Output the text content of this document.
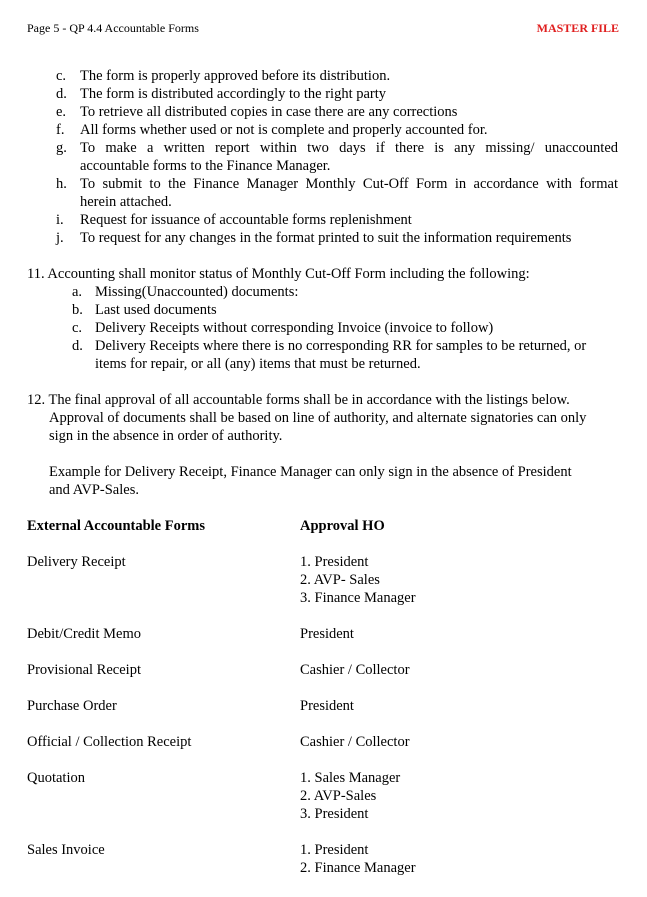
Page 5 - QP 4.4 Accountable Forms	MASTER FILE
c. The form is properly approved before its distribution.
d. The form is distributed accordingly to the right party
e. To retrieve all distributed copies in case there are any corrections
f. All forms whether used or not is complete and properly accounted for.
g. To make a written report within two days if there is any missing/ unaccounted
accountable forms to the Finance Manager.
h. To submit to the Finance Manager Monthly Cut-Off Form in accordance with format
herein attached.
i. Request for issuance of accountable forms replenishment
j. To request for any changes in the format printed to suit the information requirements
11. Accounting shall monitor status of Monthly Cut-Off Form including the following:
a. Missing(Unaccounted) documents:
b. Last used documents
c. Delivery Receipts without corresponding Invoice (invoice to follow)
d. Delivery Receipts where there is no corresponding RR for samples to be returned, or
items for repair, or all (any) items that must be returned.
12. The final approval of all accountable forms shall be in accordance with the listings below.
Approval of documents shall be based on line of authority, and alternate signatories can only
sign in the absence in order of authority.
Example for Delivery Receipt, Finance Manager can only sign in the absence of President
and AVP-Sales.
External Accountable Forms	Approval HO
Delivery Receipt	1. President
2. AVP- Sales
3. Finance Manager
Debit/Credit Memo	President
Provisional Receipt	Cashier / Collector
Purchase Order	President
Official / Collection Receipt	Cashier / Collector
Quotation	1. Sales Manager
2. AVP-Sales
3. President
Sales Invoice	1. President
2. Finance Manager
